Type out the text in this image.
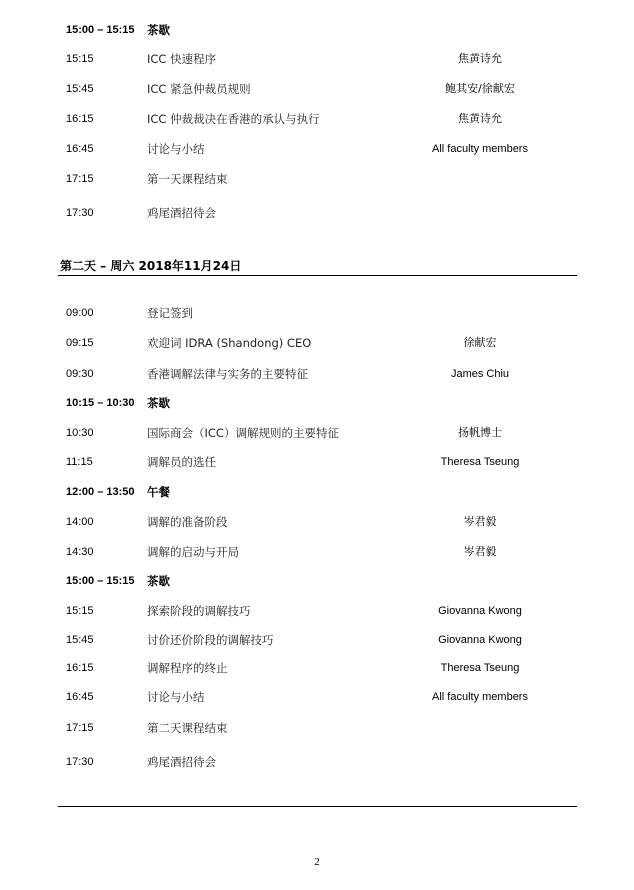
15:00 – 15:15 茶歇
15:15	ICC 快速程序	焦黄诗允
15:45	ICC 紧急仲裁员规则	鲍其安/徐献宏
16:15	ICC 仲裁裁决在香港的承认与执行	焦黄诗允
16:45	讨论与小结	All faculty members
17:15	第一天课程结束
17:30	鸡尾酒招待会
第二天 – 周六 2018年11月24日
09:00	登记签到
09:15	欢迎词 IDRA (Shandong) CEO	徐献宏
09:30	香港调解法律与实务的主要特征	James Chiu
10:15 – 10:30 茶歇
10:30	国际商会（ICC）调解规则的主要特征	扬帆博士
11:15	调解员的选任	Theresa Tseung
12:00 – 13:50 午餐
14:00	调解的准备阶段	岑君毅
14:30	调解的启动与开局	岑君毅
15:00 – 15:15 茶歇
15:15	探索阶段的调解技巧	Giovanna Kwong
15:45	讨价还价阶段的调解技巧	Giovanna Kwong
16:15	调解程序的终止	Theresa Tseung
16:45	讨论与小结	All faculty members
17:15	第二天课程结束
17:30	鸡尾酒招待会
2
